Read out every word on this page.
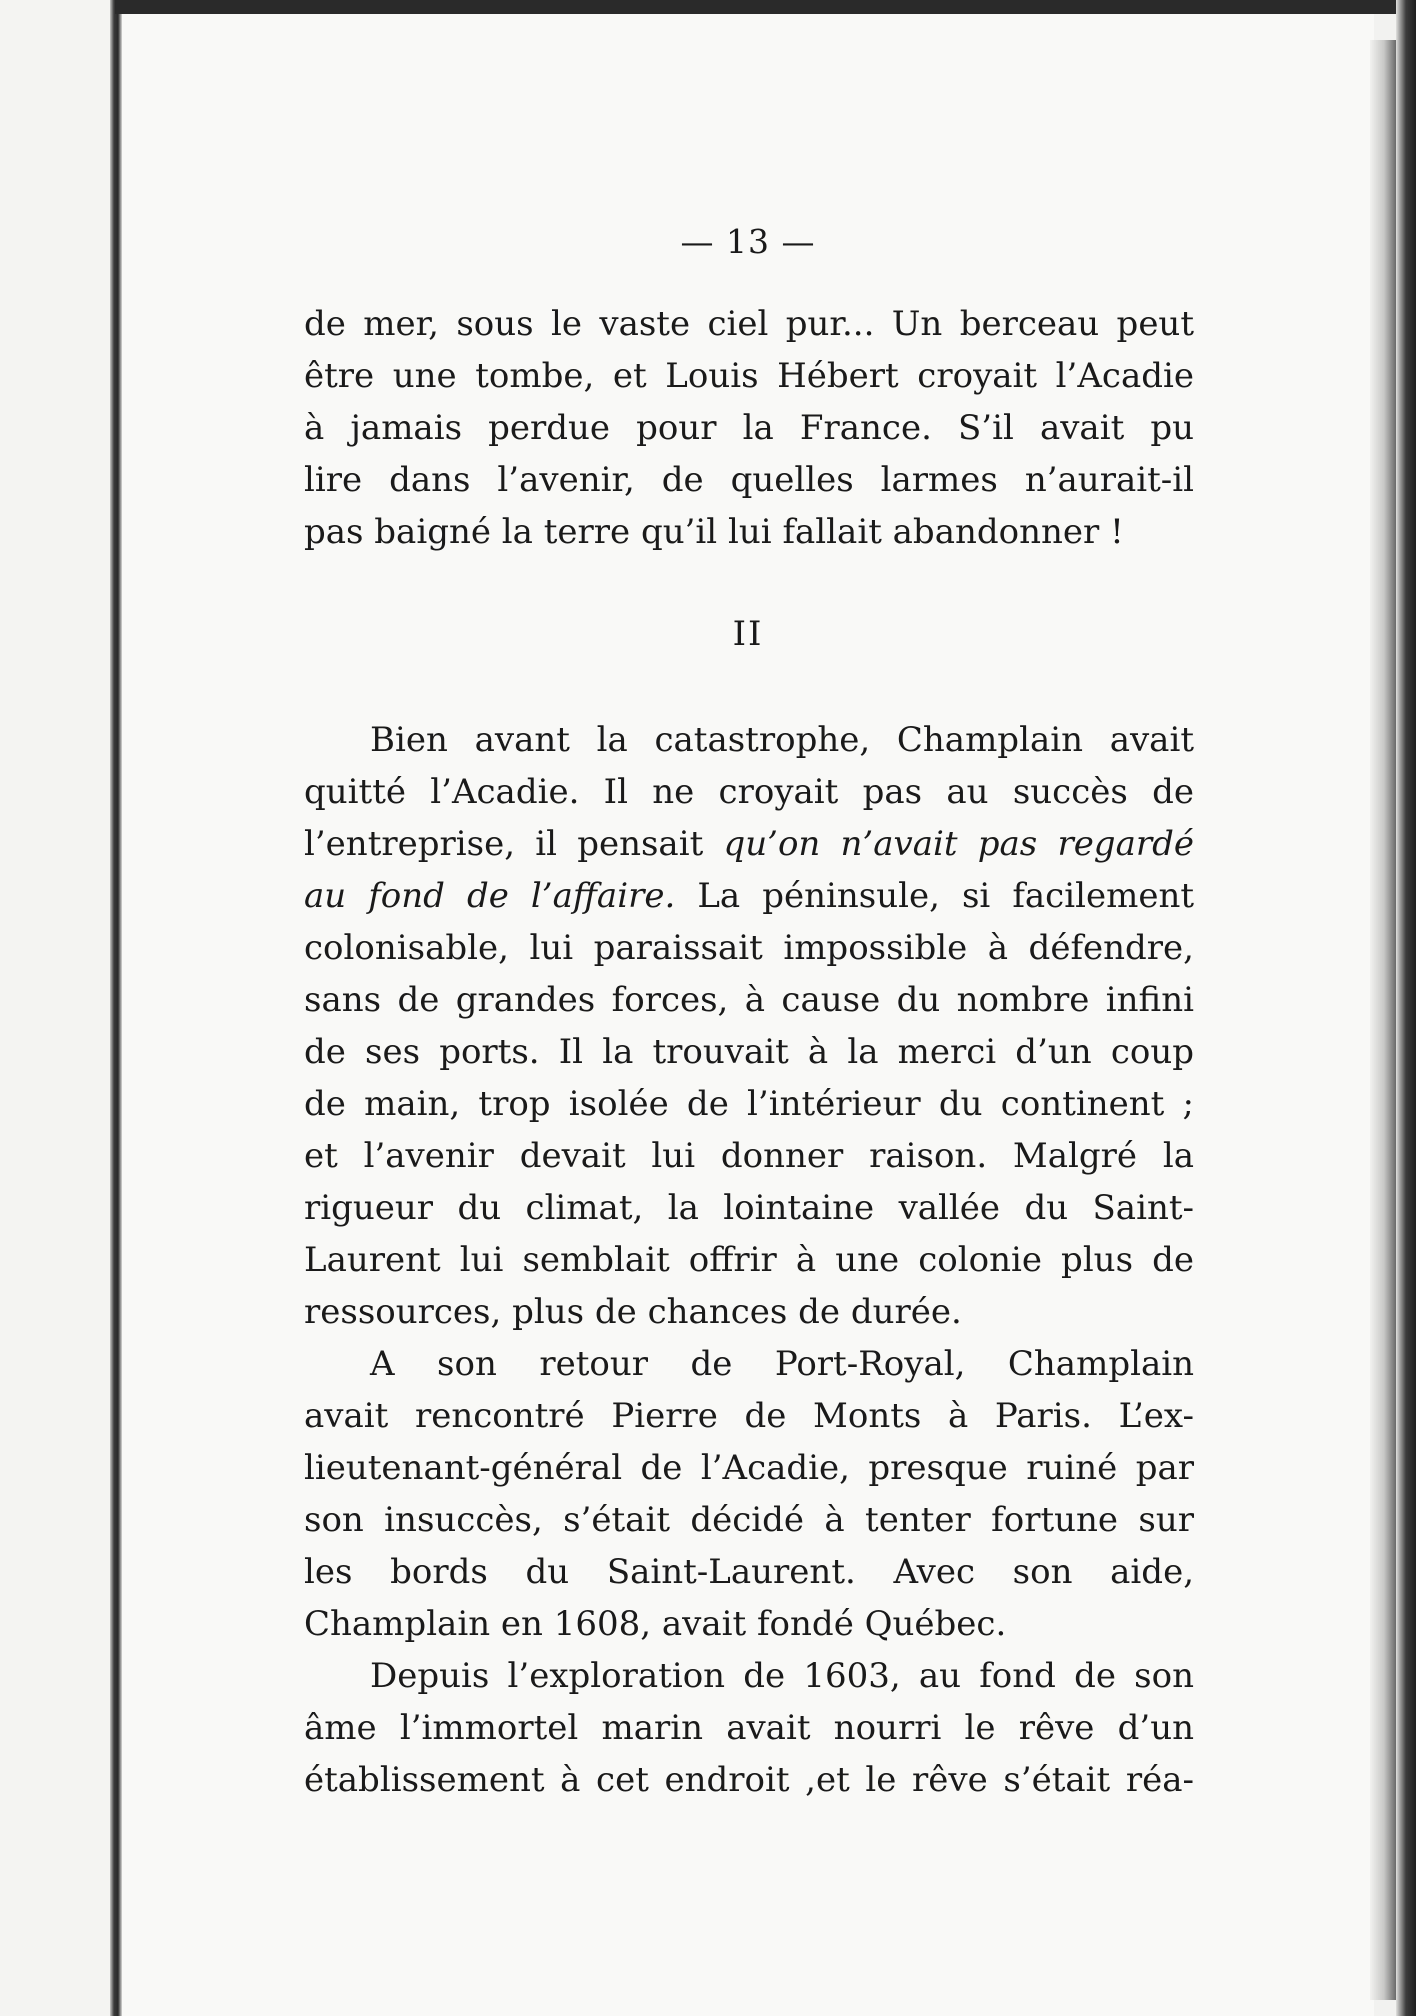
— 13 —
de mer, sous le vaste ciel pur... Un berceau peut
être une tombe, et Louis Hébert croyait l’Acadie
à jamais perdue pour la France. S’il avait pu
lire dans l’avenir, de quelles larmes n’aurait-il
pas baigné la terre qu’il lui fallait abandonner !
II
Bien avant la catastrophe, Champlain avait
quitté l’Acadie. Il ne croyait pas au succès de
l’entreprise, il pensait qu’on n’avait pas regardé
au fond de l’affaire. La péninsule, si facilement
colonisable, lui paraissait impossible à défendre,
sans de grandes forces, à cause du nombre infini
de ses ports. Il la trouvait à la merci d’un coup
de main, trop isolée de l’intérieur du continent ;
et l’avenir devait lui donner raison. Malgré la
rigueur du climat, la lointaine vallée du Saint-
Laurent lui semblait offrir à une colonie plus de
ressources, plus de chances de durée.
A son retour de Port-Royal, Champlain
avait rencontré Pierre de Monts à Paris. L’ex-
lieutenant-général de l’Acadie, presque ruiné par
son insuccès, s’était décidé à tenter fortune sur
les bords du Saint-Laurent. Avec son aide,
Champlain en 1608, avait fondé Québec.
Depuis l’exploration de 1603, au fond de son
âme l’immortel marin avait nourri le rêve d’un
établissement à cet endroit ,et le rêve s’était réa-
